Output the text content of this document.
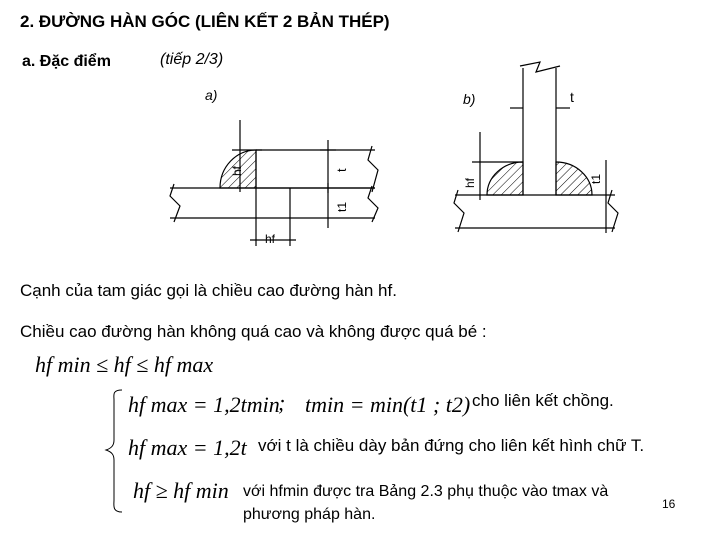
2. ĐƯỜNG HÀN GÓC (LIÊN KẾT 2 BẢN THÉP)
a. Đặc điểm	(tiếp 2/3)
a)
hf	t
t1
hf
b)	t
hf	t1
Cạnh của tam giác gọi là chiều cao đường hàn hf.
Chiều cao đường hàn không quá cao và không được quá bé :
hf min ≤ hf ≤ hf max
hf max = 1,2tmin
; tmin = min(t1 ; t2) cho liên kết chồng.
hf max = 1,2t với t là chiều dày bản đứng cho liên kết hình chữ T.
hf ≥ hf min với hfmin được tra Bảng 2.3 phụ thuộc vào tmax và
phương pháp hàn.
16
